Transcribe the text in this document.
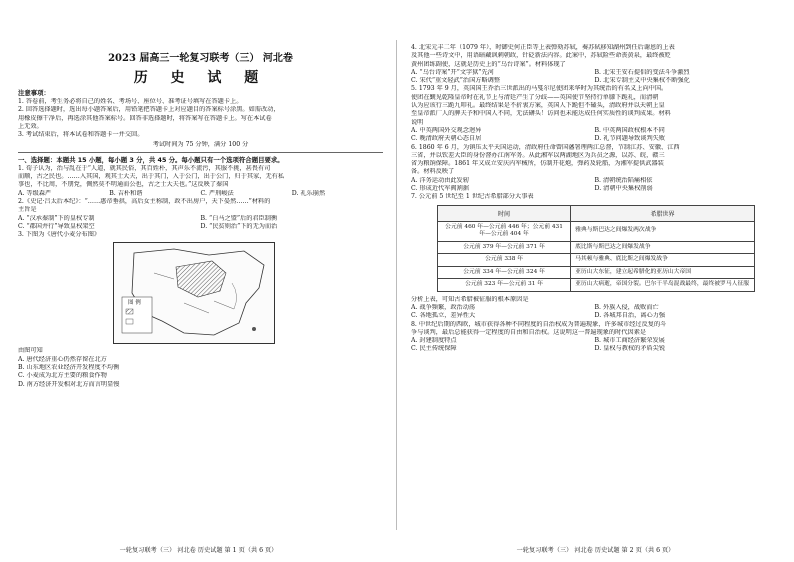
2023 届高三一轮复习联考（三） 河北卷
历 史 试 题
注意事项：
1. 答卷前，考生务必将自己的姓名、考场号、座位号、准考证号填写在答题卡上。
2. 回答选择题时，选出每小题答案后，用铅笔把答题卡上对应题目的答案标号涂黑。如需改动，
用橡皮擦干净后，再选涂其他答案标号。回答非选择题时，将答案写在答题卡上。写在本试卷
上无效。
3. 考试结束后，将本试卷和答题卡一并交回。
考试时间为 75 分钟，满分 100 分
一、选择题：本题共 15 小题，每小题 3 分，共 45 分。每小题只有一个选项符合题目要求。
1. 荀子认为，治与乱在于“人道，就其民俗，其百姓朴，其声乐不流污，其服不挑，甚畏有司
而顺，古之民也。……入其国，观其士大夫，出于其门，入于公门，出于公门，归于其家，无有私
事也，不比周，不朋党，倜然莫不明通而公也，古之士大夫也。”这反映了秦国
A. 等级森严	B. 吉朴和谐	C. 严刑峻法	D. 礼乐崩然
2.《史记·吕太后本纪》：“……惠帝垂拱，高后女主称制，政不出房户，天下晏然……”材料的
主旨是
A. “汉承秦制”下的皇权专制	B. “白马之盟”后的君臣制衡
C. “郡国并行”导致皇权架空	D. “民贫则治”下的无为而治
3. 下图为《唐代小麦分布图》
图 例
由图可知
A. 唐代经济重心仍然存留在北方
B. 山东地区农业经济开发程度不均衡
C. 小麦成为北方主要的粮食作物
D. 南方经济开发相对北方而言明显慢
一轮复习联考（三） 河北卷 历史试题 第 1 页（共 6 页）
4. 北宋元丰二年（1079 年），时御史何正臣等上表弹劾苏轼，奏苏轼移知湖州到任后谢恩的上表
及其他一些诗文中，用语暗藏讽刺朝政，针砭新法内容。此案中，苏轼险些命丧黄泉，最终被贬
黄州团练副使，这就是历史上的“乌台诗案”。材料体现了
A. “乌台诗案”开“文字狱”先河	B. 北宋王安石提倡的变法斗争激烈
C. 宋代“重文轻武”治国方略调整	D. 北宋专制主义中央集权不断强化
5. 1793 年 9 月，英国国王乔治三世派出的马戛尔尼使团来华时为其统治的有名义上向中国。
使团在觐见乾隆皇帝时在礼节上与清廷产生了分歧——英国使节坚持行单膝下跪礼，而清朝
认为应该行三跪九叩礼。最终结果是不折衷方案，英国人下跪但不磕头，清政府并以天朝上皇
至皇帝派厂人的脾夫予和中国人不同，无法礴头！访问也未能达成任何实质性的谈判成果。材料
说明
A. 中英两国外交观念迥异	B. 中英两国政权根本不同
C. 晚清政府天朝心态自居	D. 礼节问题导致谈判失败
6. 1860 年 6 月，为镇压太平天国运动，清政府任命曾国藩署理两江总督，节制江苏、安徽、江西
三省，并以钦差大臣的身份督办江南军务。从此湘军以两湖地区为兵员之源，以苏、皖，赣三
省为粮饷保障。1861 年又成立安庆内军械所，仿制开花炮，弹药及轮船，为湘军提供武器装
备。材料反映了
A. 洋务运动由此发轫	B. 清朝统治陷痛相依
C. 形成近代军阀割据	D. 清朝中央集权削弱
7. 公元前 5 世纪至 1 世纪古希腊部分大事表
时间	希腊世界
公元前 460 年—公元前 446 年；公元前 431 年—公元前 404 年	雅典与斯巴达之间爆发两次战争
公元前 379 年—公元前 371 年	底比斯与斯巴达之间爆发战争
公元前 338 年	马其顿与雅典、底比斯之间爆发战争
公元前 334 年—公元前 324 年	亚历山大东征，建立起希腊化的亚历山大帝国
公元前 323 年—公元前 31 年	亚历山大病逝，帝国分裂。巴尔干半岛混战最终，最终被罗马人征服
分析上表，可知古希腊被征服的根本原因是
A. 战争频繁，政治动荡	B. 外族入侵，战败而亡
C. 各地孤立，差异性大	D. 各城邦自治，离心力强
8. 中世纪后期的西欧，城市获得各种不同程度的自治权成为普遍现象，许多城市经过反复的斗
争与谈判，最后总能获得一定程度的自由和自治权。这说明这一普遍现象的时代因素是
A. 封建制度特点	B. 城市工商经济繁荣发展
C. 民主传统保障	D. 皇权与教权的矛盾尖锐
一轮复习联考（三） 河北卷 历史试题 第 2 页（共 6 页）
